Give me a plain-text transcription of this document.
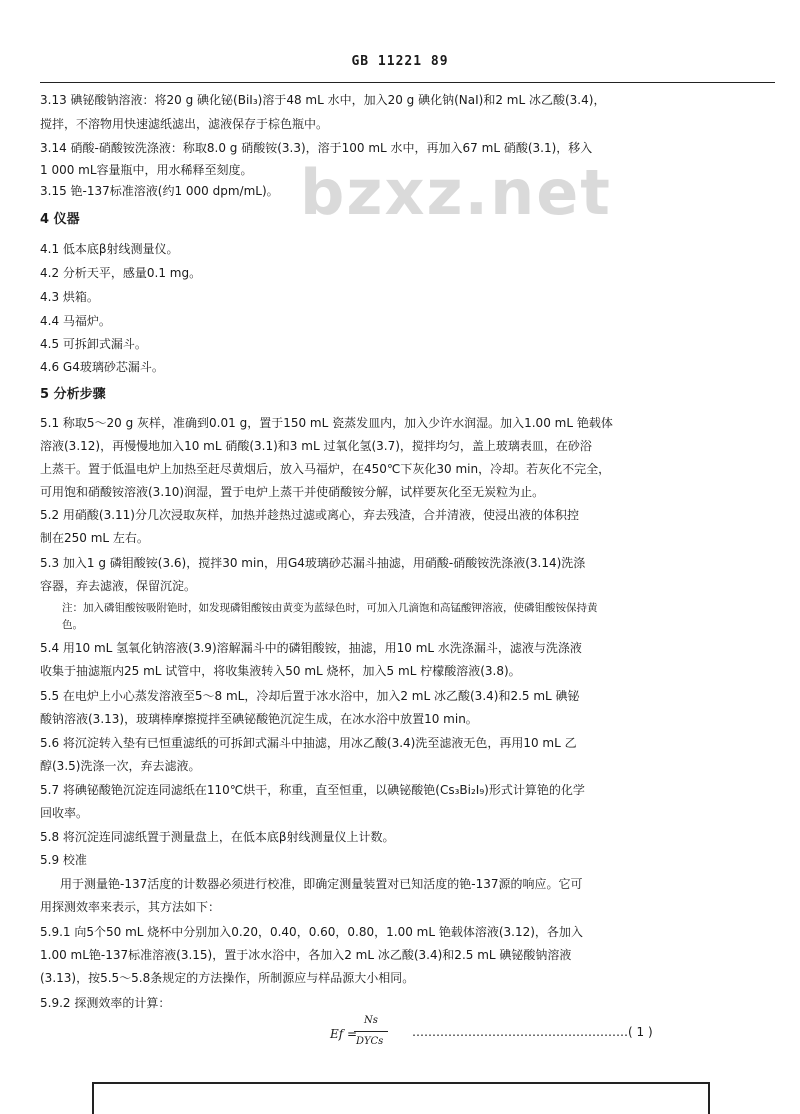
GB 11221 89
bzxz.net
3.13 碘铋酸钠溶液：将20 g 碘化铋(BiI₃)溶于48 mL 水中，加入20 g 碘化钠(NaI)和2 mL 冰乙酸(3.4)，
搅拌，不溶物用快速滤纸滤出，滤液保存于棕色瓶中。
3.14 硝酸-硝酸铵洗涤液：称取8.0 g 硝酸铵(3.3)，溶于100 mL 水中，再加入67 mL 硝酸(3.1)，移入
1 000 mL容量瓶中，用水稀释至刻度。
3.15 铯-137标准溶液(约1 000 dpm/mL)。
4 仪器
4.1 低本底β射线测量仪。
4.2 分析天平，感量0.1 mg。
4.3 烘箱。
4.4 马福炉。
4.5 可拆卸式漏斗。
4.6 G4玻璃砂芯漏斗。
5 分析步骤
5.1 称取5～20 g 灰样，准确到0.01 g，置于150 mL 瓷蒸发皿内，加入少许水润湿。加入1.00 mL 铯载体
溶液(3.12)，再慢慢地加入10 mL 硝酸(3.1)和3 mL 过氧化氢(3.7)，搅拌均匀，盖上玻璃表皿，在砂浴
上蒸干。置于低温电炉上加热至赶尽黄烟后，放入马福炉，在450℃下灰化30 min，冷却。若灰化不完全，
可用饱和硝酸铵溶液(3.10)润湿，置于电炉上蒸干并使硝酸铵分解，试样要灰化至无炭粒为止。
5.2 用硝酸(3.11)分几次浸取灰样，加热并趁热过滤或离心，弃去残渣，合并清液，使浸出液的体积控
制在250 mL 左右。
5.3 加入1 g 磷钼酸铵(3.6)，搅拌30 min，用G4玻璃砂芯漏斗抽滤，用硝酸-硝酸铵洗涤液(3.14)洗涤
容器，弃去滤液，保留沉淀。
注：加入磷钼酸铵吸附铯时，如发现磷钼酸铵由黄变为蓝绿色时，可加入几滴饱和高锰酸钾溶液，使磷钼酸铵保持黄
色。
5.4 用10 mL 氢氧化钠溶液(3.9)溶解漏斗中的磷钼酸铵，抽滤，用10 mL 水洗涤漏斗，滤液与洗涤液
收集于抽滤瓶内25 mL 试管中，将收集液转入50 mL 烧杯，加入5 mL 柠檬酸溶液(3.8)。
5.5 在电炉上小心蒸发溶液至5～8 mL，冷却后置于冰水浴中，加入2 mL 冰乙酸(3.4)和2.5 mL 碘铋
酸钠溶液(3.13)，玻璃棒摩擦搅拌至碘铋酸铯沉淀生成，在冰水浴中放置10 min。
5.6 将沉淀转入垫有已恒重滤纸的可拆卸式漏斗中抽滤，用冰乙酸(3.4)洗至滤液无色，再用10 mL 乙
醇(3.5)洗涤一次，弃去滤液。
5.7 将碘铋酸铯沉淀连同滤纸在110℃烘干，称重，直至恒重，以碘铋酸铯(Cs₃Bi₂I₉)形式计算铯的化学
回收率。
5.8 将沉淀连同滤纸置于测量盘上，在低本底β射线测量仪上计数。
5.9 校准
用于测量铯-137活度的计数器必须进行校准，即确定测量装置对已知活度的铯-137源的响应。它可
用探测效率来表示，其方法如下：
5.9.1 向5个50 mL 烧杯中分别加入0.20，0.40，0.60，0.80，1.00 mL 铯载体溶液(3.12)，各加入
1.00 mL铯-137标准溶液(3.15)，置于冰水浴中，各加入2 mL 冰乙酸(3.4)和2.5 mL 碘铋酸钠溶液
(3.13)，按5.5～5.8条规定的方法操作，所制源应与样品源大小相同。
5.9.2 探测效率的计算：
Ef =
Ns
DYCs
………………………………………………( 1 )
